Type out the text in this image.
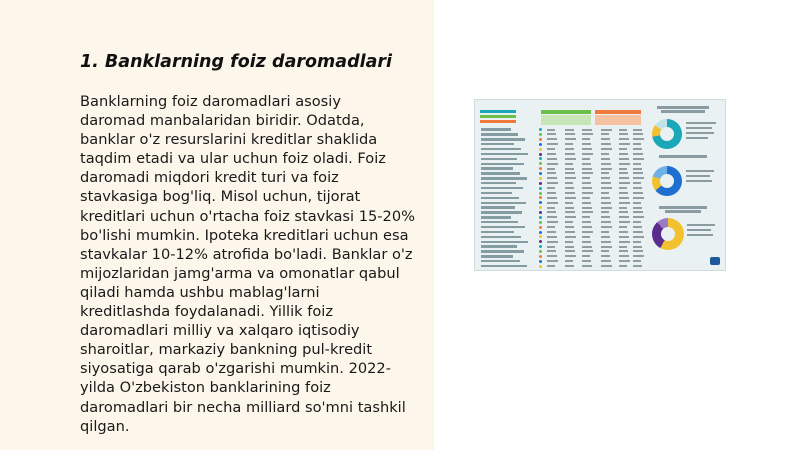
1. Banklarning foiz daromadlari

Banklarning foiz daromadlari asosiy
daromad manbalaridan biridir. Odatda,
banklar o'z resurslarini kreditlar shaklida
taqdim etadi va ular uchun foiz oladi. Foiz
daromadi miqdori kredit turi va foiz
stavkasiga bog'liq. Misol uchun, tijorat
kreditlari uchun o'rtacha foiz stavkasi 15-20%
bo'lishi mumkin. Ipoteka kreditlari uchun esa
stavkalar 10-12% atrofida bo'ladi. Banklar o'z
mijozlaridan jamg'arma va omonatlar qabul
qiladi hamda ushbu mablag'larni
kreditlashda foydalanadi. Yillik foiz
daromadlari milliy va xalqaro iqtisodiy
sharoitlar, markaziy bankning pul-kredit
siyosatiga qarab o'zgarishi mumkin. 2022-
yilda O'zbekiston banklarining foiz
daromadlari bir necha milliard so'mni tashkil
qilgan.
